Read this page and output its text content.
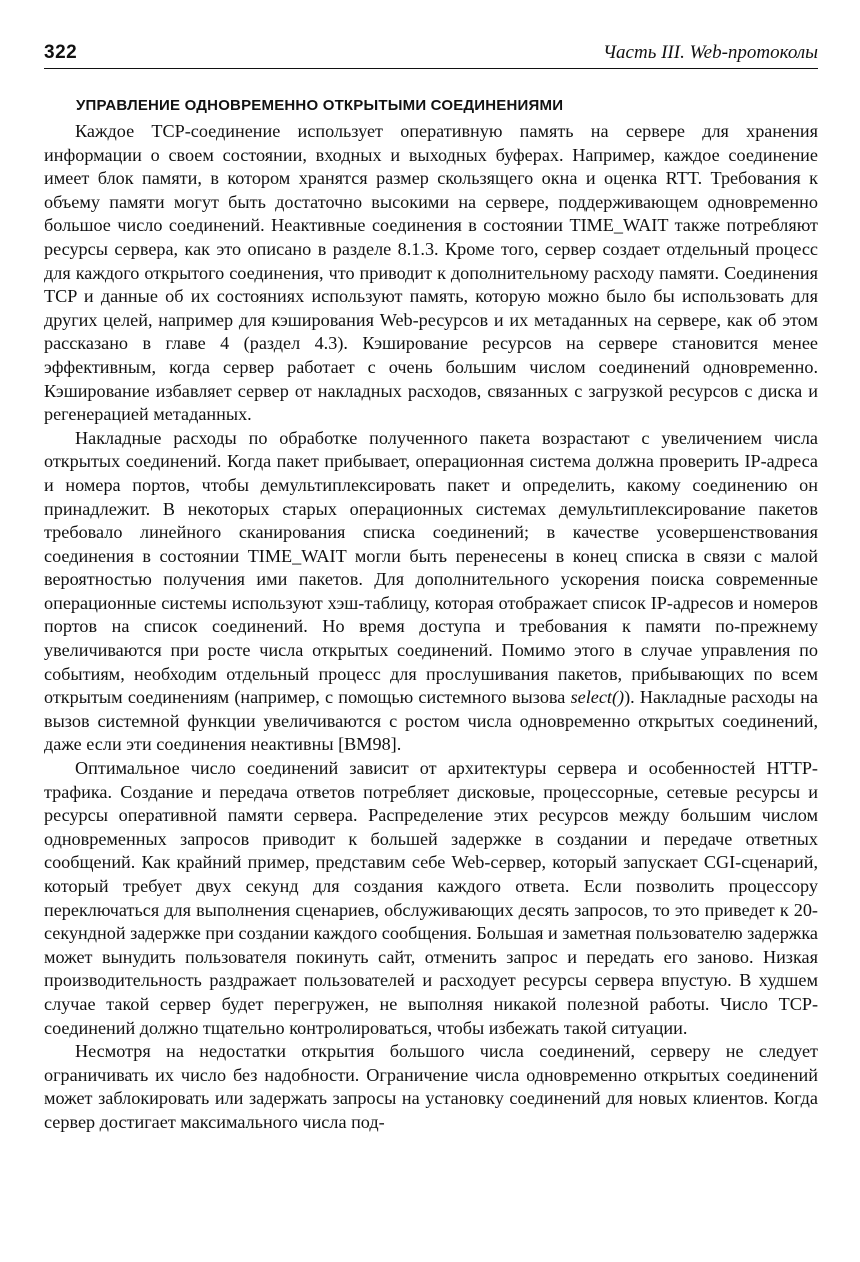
322	Часть III. Web-протоколы
УПРАВЛЕНИЕ ОДНОВРЕМЕННО ОТКРЫТЫМИ СОЕДИНЕНИЯМИ

Каждое TCP-соединение использует оперативную память на сервере для хранения информации о своем состоянии, входных и выходных буферах. Например, каждое соединение имеет блок памяти, в котором хранятся размер скользящего окна и оценка RTT. Требования к объему памяти могут быть достаточно высокими на сервере, поддерживающем одновременно большое число соединений. Неактивные соединения в состоянии TIME_WAIT также потребляют ресурсы сервера, как это описано в разделе 8.1.3. Кроме того, сервер создает отдельный процесс для каждого открытого соединения, что приводит к дополнительному расходу памяти. Соединения TCP и данные об их состояниях используют память, которую можно было бы использовать для других целей, например для кэширования Web-ресурсов и их метаданных на сервере, как об этом рассказано в главе 4 (раздел 4.3). Кэширование ресурсов на сервере становится менее эффективным, когда сервер работает с очень большим числом соединений одновременно. Кэширование избавляет сервер от накладных расходов, связанных с загрузкой ресурсов с диска и регенерацией метаданных.

Накладные расходы по обработке полученного пакета возрастают с увеличением числа открытых соединений. Когда пакет прибывает, операционная система должна проверить IP-адреса и номера портов, чтобы демультиплексировать пакет и определить, какому соединению он принадлежит. В некоторых старых операционных системах демультиплексирование пакетов требовало линейного сканирования списка соединений; в качестве усовершенствования соединения в состоянии TIME_WAIT могли быть перенесены в конец списка в связи с малой вероятностью получения ими пакетов. Для дополнительного ускорения поиска современные операционные системы используют хэш-таблицу, которая отображает список IP-адресов и номеров портов на список соединений. Но время доступа и требования к памяти по-прежнему увеличиваются при росте числа открытых соединений. Помимо этого в случае управления по событиям, необходим отдельный процесс для прослушивания пакетов, прибывающих по всем открытым соединениям (например, с помощью системного вызова select()). Накладные расходы на вызов системной функции увеличиваются с ростом числа одновременно открытых соединений, даже если эти соединения неактивны [BM98].

Оптимальное число соединений зависит от архитектуры сервера и особенностей HTTP-трафика. Создание и передача ответов потребляет дисковые, процессорные, сетевые ресурсы и ресурсы оперативной памяти сервера. Распределение этих ресурсов между большим числом одновременных запросов приводит к большей задержке в создании и передаче ответных сообщений. Как крайний пример, представим себе Web-сервер, который запускает CGI-сценарий, который требует двух секунд для создания каждого ответа. Если позволить процессору переключаться для выполнения сценариев, обслуживающих десять запросов, то это приведет к 20-секундной задержке при создании каждого сообщения. Большая и заметная пользователю задержка может вынудить пользователя покинуть сайт, отменить запрос и передать его заново. Низкая производительность раздражает пользователей и расходует ресурсы сервера впустую. В худшем случае такой сервер будет перегружен, не выполняя никакой полезной работы. Число TCP-соединений должно тщательно контролироваться, чтобы избежать такой ситуации.

Несмотря на недостатки открытия большого числа соединений, серверу не следует ограничивать их число без надобности. Ограничение числа одновременно открытых соединений может заблокировать или задержать запросы на установку соединений для новых клиентов. Когда сервер достигает максимального числа под-
